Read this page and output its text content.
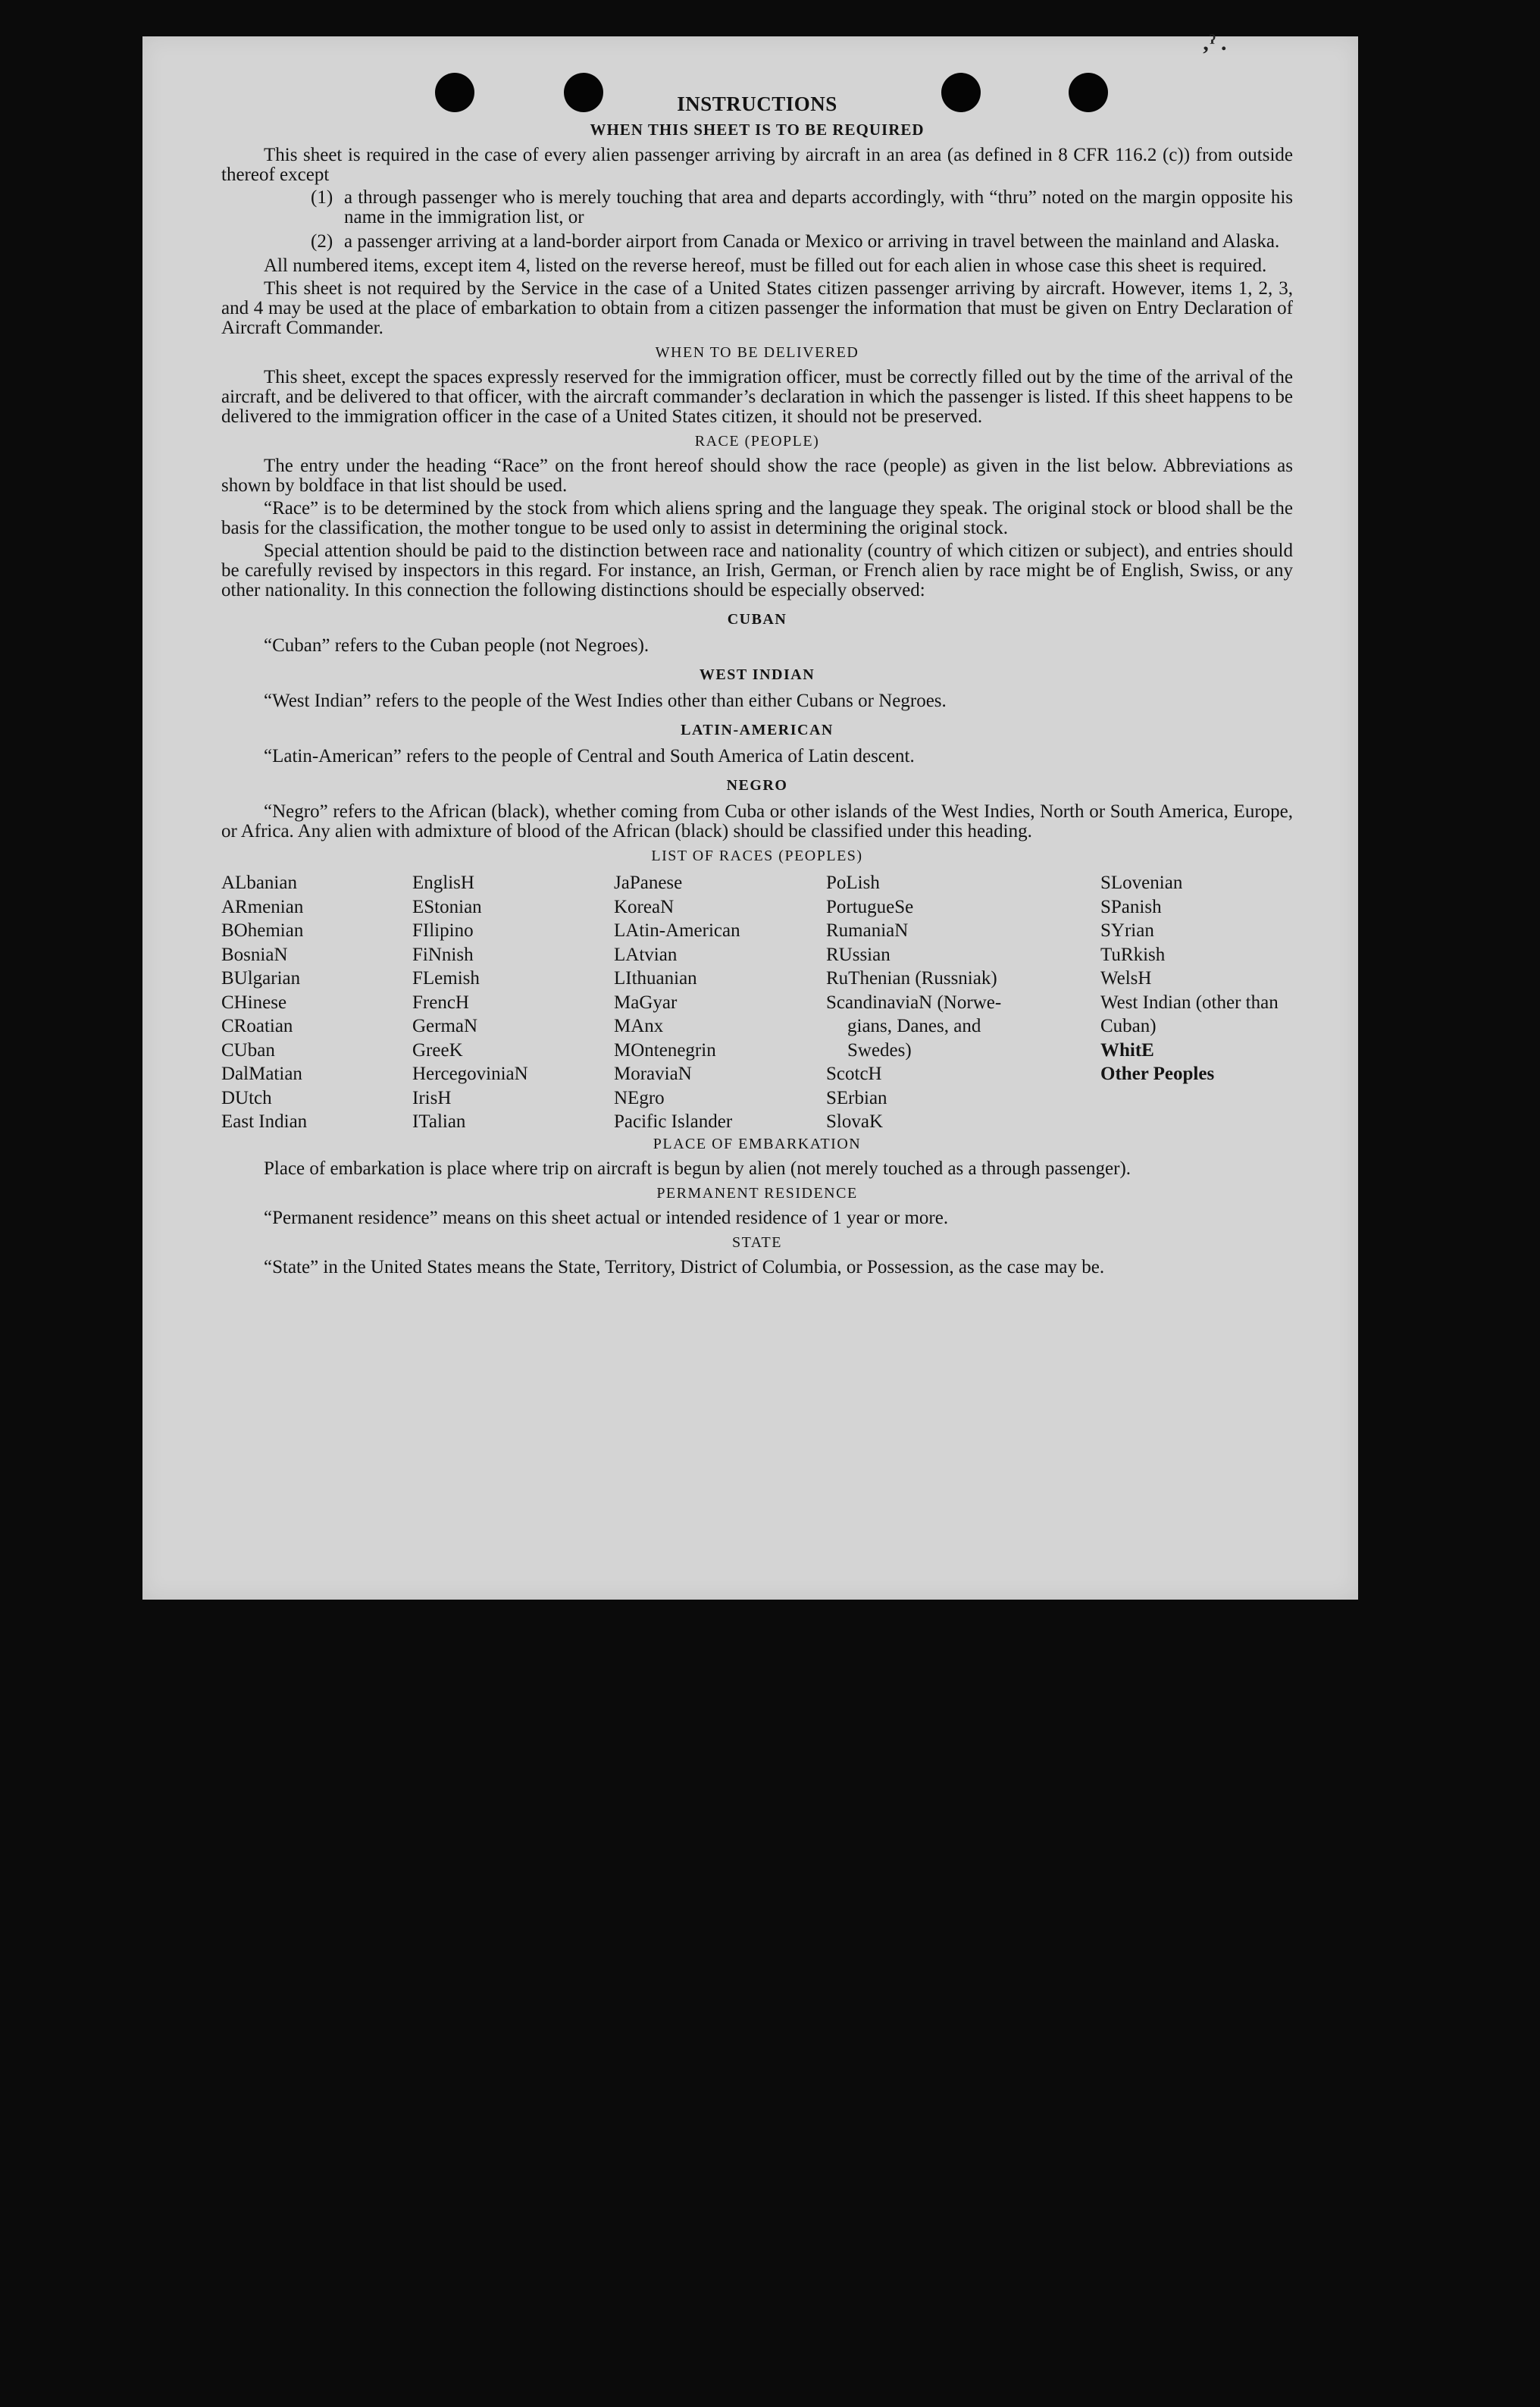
‚ˀ .
INSTRUCTIONS
WHEN THIS SHEET IS TO BE REQUIRED

This sheet is required in the case of every alien passenger arriving by aircraft in an area (as defined in 8 CFR 116.2 (c)) from outside thereof except

(1) a through passenger who is merely touching that area and departs accordingly, with “thru” noted on the margin opposite his name in the immigration list, or
(2) a passenger arriving at a land-border airport from Canada or Mexico or arriving in travel between the mainland and Alaska.

All numbered items, except item 4, listed on the reverse hereof, must be filled out for each alien in whose case this sheet is required.

This sheet is not required by the Service in the case of a United States citizen passenger arriving by aircraft. However, items 1, 2, 3, and 4 may be used at the place of embarkation to obtain from a citizen passenger the information that must be given on Entry Declaration of Aircraft Commander.

WHEN TO BE DELIVERED

This sheet, except the spaces expressly reserved for the immigration officer, must be correctly filled out by the time of the arrival of the aircraft, and be delivered to that officer, with the aircraft commander’s declaration in which the passenger is listed. If this sheet happens to be delivered to the immigration officer in the case of a United States citizen, it should not be preserved.

RACE (PEOPLE)

The entry under the heading “Race” on the front hereof should show the race (people) as given in the list below. Abbreviations as shown by boldface in that list should be used.

“Race” is to be determined by the stock from which aliens spring and the language they speak. The original stock or blood shall be the basis for the classification, the mother tongue to be used only to assist in determining the original stock.

Special attention should be paid to the distinction between race and nationality (country of which citizen or subject), and entries should be carefully revised by inspectors in this regard. For instance, an Irish, German, or French alien by race might be of English, Swiss, or any other nationality. In this connection the following distinctions should be especially observed:

CUBAN
“Cuban” refers to the Cuban people (not Negroes).
WEST INDIAN
“West Indian” refers to the people of the West Indies other than either Cubans or Negroes.
LATIN-AMERICAN
“Latin-American” refers to the people of Central and South America of Latin descent.
NEGRO

“Negro” refers to the African (black), whether coming from Cuba or other islands of the West Indies, North or South America, Europe, or Africa. Any alien with admixture of blood of the African (black) should be classified under this heading.

LIST OF RACES (PEOPLES)
ALbanian
ARmenian
BOhemian
BosniaN
BUlgarian
CHinese
CRoatian
CUban
DalMatian
DUtch
East Indian
EnglisH
EStonian
FIlipino
FiNnish
FLemish
FrencH
GermaN
GreeK
HercegoviniaN
IrisH
ITalian
JaPanese
KoreaN
LAtin-American
LAtvian
LIthuanian
MaGyar
MAnx
MOntenegrin
MoraviaN
NEgro
Pacific Islander
PoLish
PortugueSe
RumaniaN
RUssian
RuThenian (Russniak)
ScandinaviaN (Norwe-
gians, Danes, and
Swedes)
ScotcH
SErbian
SlovaK
SLovenian
SPanish
SYrian
TuRkish
WelsH
West Indian (other than Cuban)
WhitE
Other Peoples
PLACE OF EMBARKATION

Place of embarkation is place where trip on aircraft is begun by alien (not merely touched as a through passenger).

PERMANENT RESIDENCE

“Permanent residence” means on this sheet actual or intended residence of 1 year or more.

STATE

“State” in the United States means the State, Territory, District of Columbia, or Possession, as the case may be.
